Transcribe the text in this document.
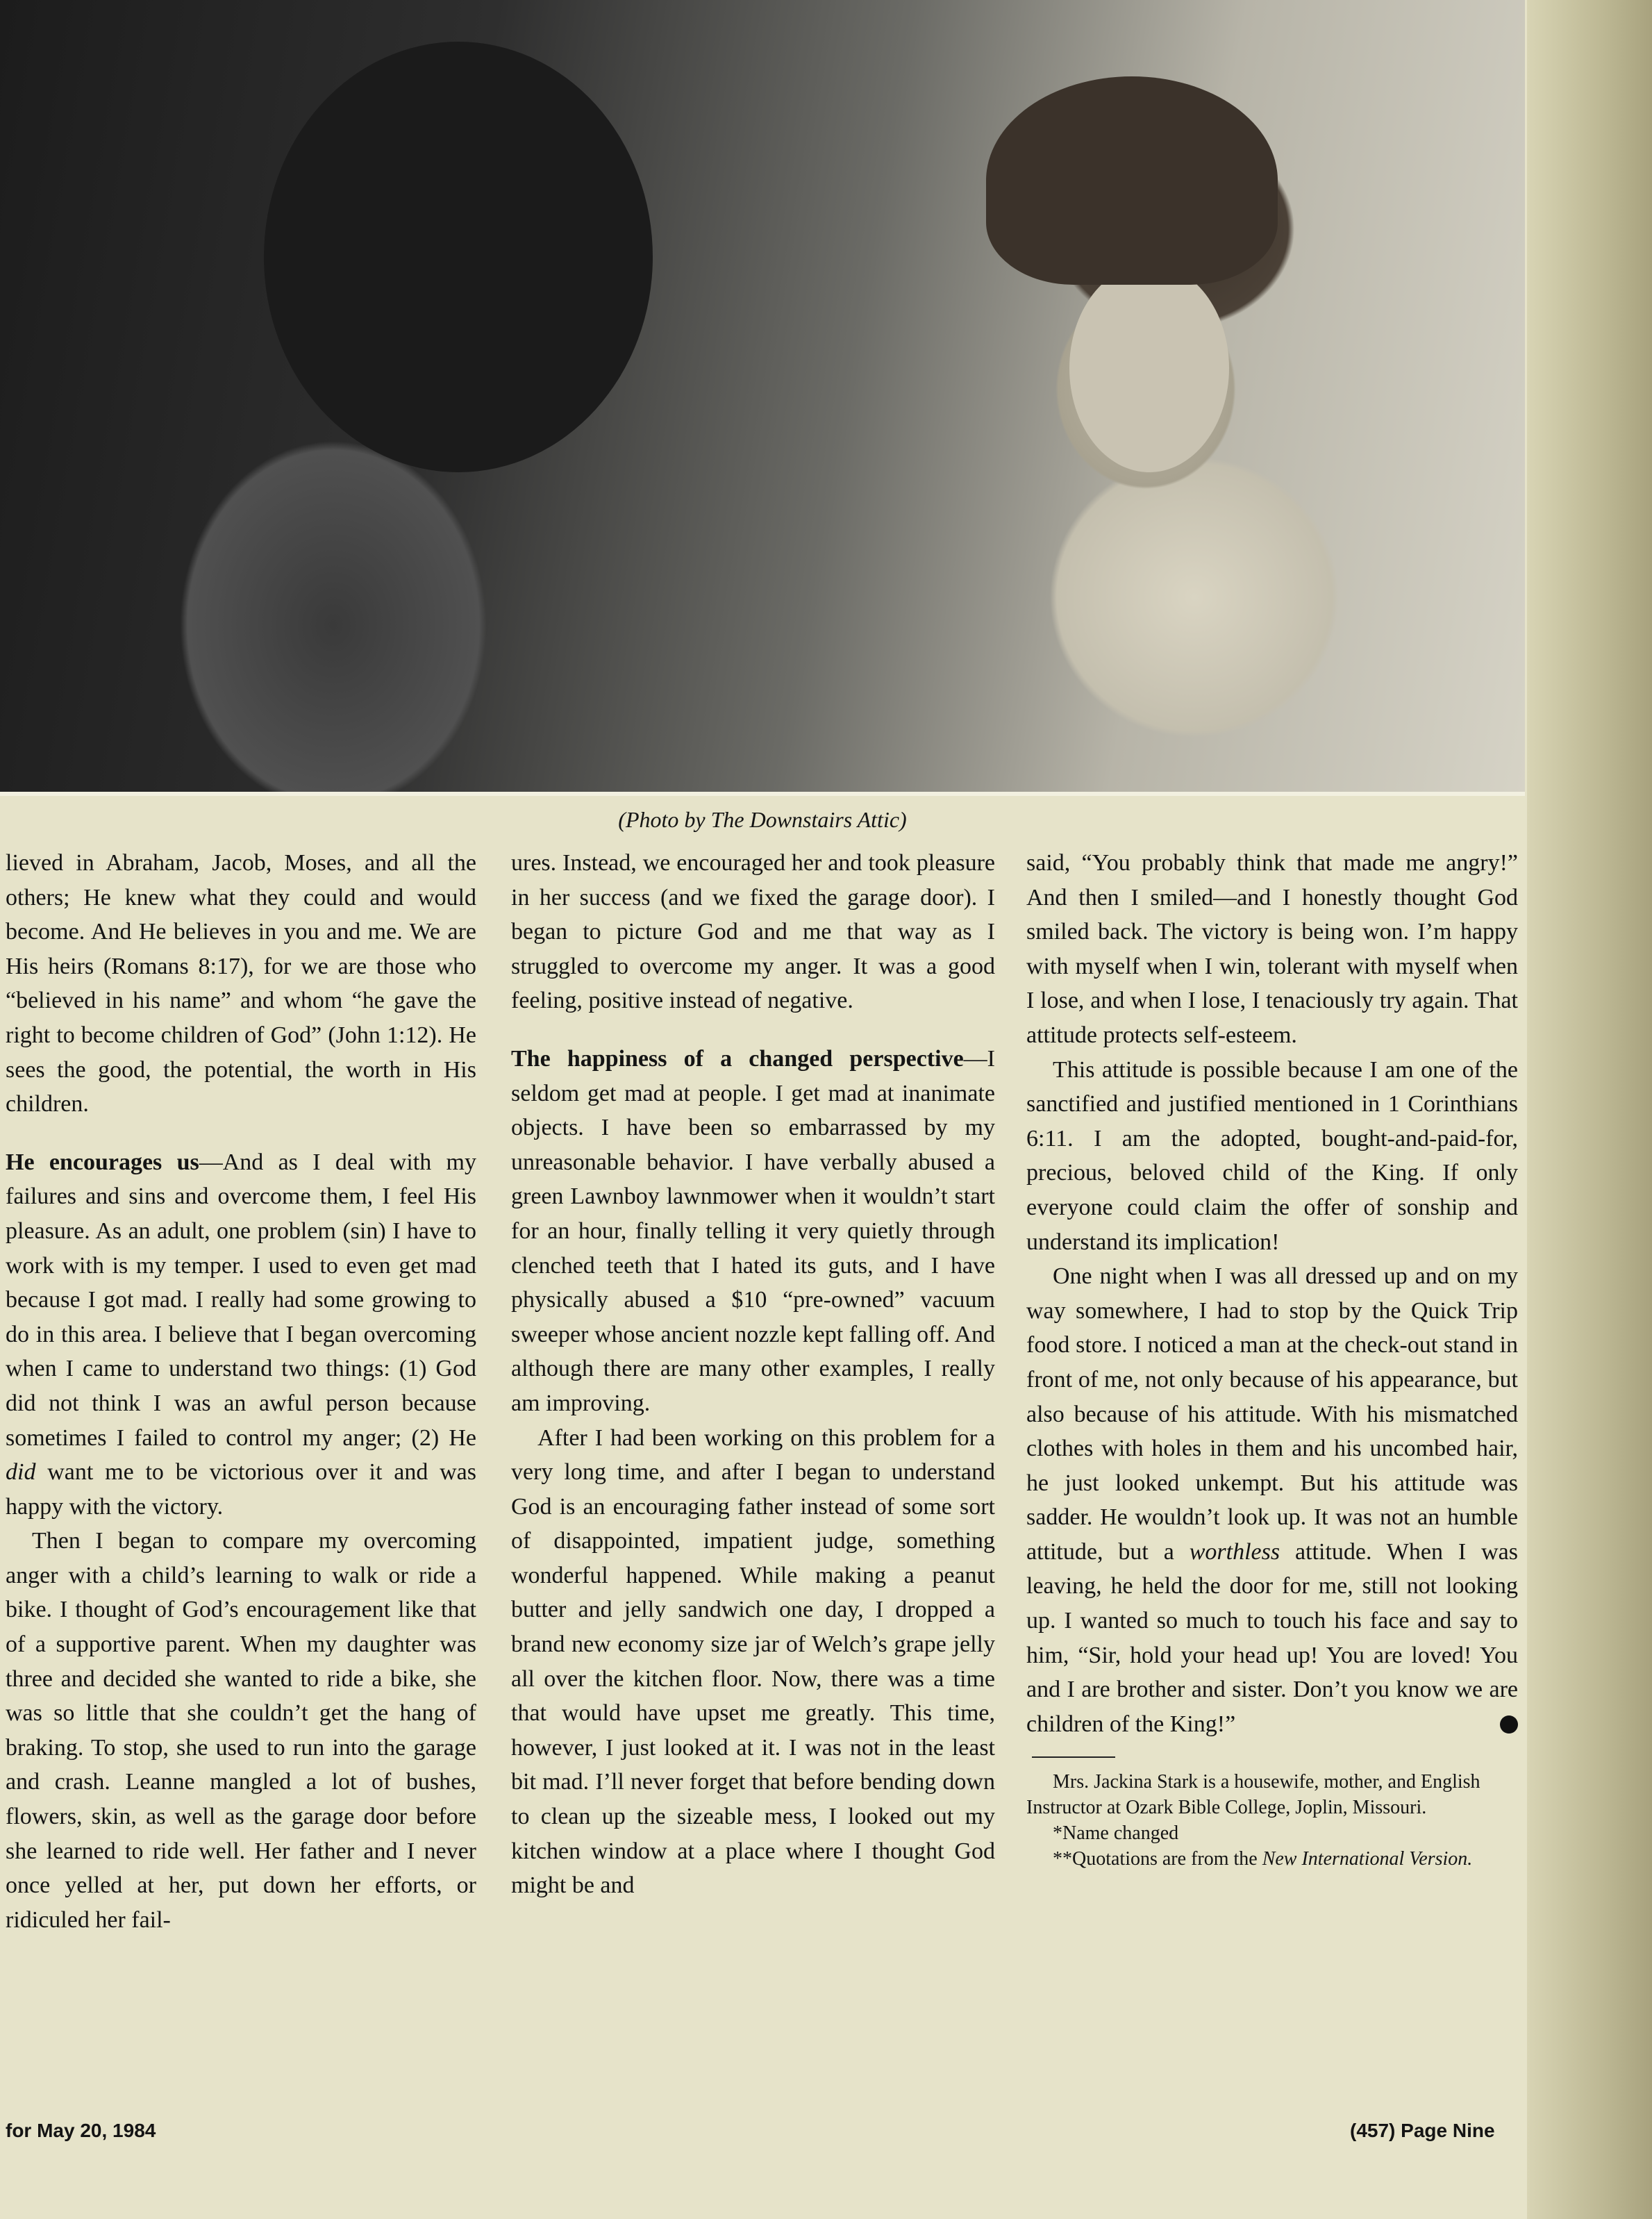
(Photo by The Downstairs Attic)

lieved in Abraham, Jacob, Moses, and all the others; He knew what they could and would become. And He believes in you and me. We are His heirs (Romans 8:17), for we are those who “believed in his name” and whom “he gave the right to become children of God” (John 1:12). He sees the good, the potential, the worth in His children.

He encourages us—And as I deal with my failures and sins and overcome them, I feel His pleasure. As an adult, one problem (sin) I have to work with is my temper. I used to even get mad because I got mad. I really had some growing to do in this area. I believe that I began overcoming when I came to understand two things: (1) God did not think I was an awful person because sometimes I failed to control my anger; (2) He did want me to be victorious over it and was happy with the victory.

Then I began to compare my overcoming anger with a child’s learning to walk or ride a bike. I thought of God’s encouragement like that of a supportive parent. When my daughter was three and decided she wanted to ride a bike, she was so little that she couldn’t get the hang of braking. To stop, she used to run into the garage and crash. Leanne mangled a lot of bushes, flowers, skin, as well as the garage door before she learned to ride well. Her father and I never once yelled at her, put down her efforts, or ridiculed her fail-

ures. Instead, we encouraged her and took pleasure in her success (and we fixed the garage door). I began to picture God and me that way as I struggled to overcome my anger. It was a good feeling, positive instead of negative.

The happiness of a changed perspective—I seldom get mad at people. I get mad at inanimate objects. I have been so embarrassed by my unreasonable behavior. I have verbally abused a green Lawnboy lawnmower when it wouldn’t start for an hour, finally telling it very quietly through clenched teeth that I hated its guts, and I have physically abused a $10 “pre-owned” vacuum sweeper whose ancient nozzle kept falling off. And although there are many other examples, I really am improving.

After I had been working on this problem for a very long time, and after I began to understand God is an encouraging father instead of some sort of disappointed, impatient judge, something wonderful happened. While making a peanut butter and jelly sandwich one day, I dropped a brand new economy size jar of Welch’s grape jelly all over the kitchen floor. Now, there was a time that would have upset me greatly. This time, however, I just looked at it. I was not in the least bit mad. I’ll never forget that before bending down to clean up the sizeable mess, I looked out my kitchen window at a place where I thought God might be and

said, “You probably think that made me angry!” And then I smiled—and I honestly thought God smiled back. The victory is being won. I’m happy with myself when I win, tolerant with myself when I lose, and when I lose, I tenaciously try again. That attitude protects self-esteem.

This attitude is possible because I am one of the sanctified and justified mentioned in 1 Corinthians 6:11. I am the adopted, bought-and-paid-for, precious, beloved child of the King. If only everyone could claim the offer of sonship and understand its implication!

One night when I was all dressed up and on my way somewhere, I had to stop by the Quick Trip food store. I noticed a man at the check-out stand in front of me, not only because of his appearance, but also because of his attitude. With his mismatched clothes with holes in them and his uncombed hair, he just looked unkempt. But his attitude was sadder. He wouldn’t look up. It was not an humble attitude, but a worthless attitude. When I was leaving, he held the door for me, still not looking up. I wanted so much to touch his face and say to him, “Sir, hold your head up! You are loved! You and I are brother and sister. Don’t you know we are children of the King!”

Mrs. Jackina Stark is a housewife, mother, and English Instructor at Ozark Bible College, Joplin, Missouri.

*Name changed

**Quotations are from the New International Version.

for May 20, 1984	(457) Page Nine
